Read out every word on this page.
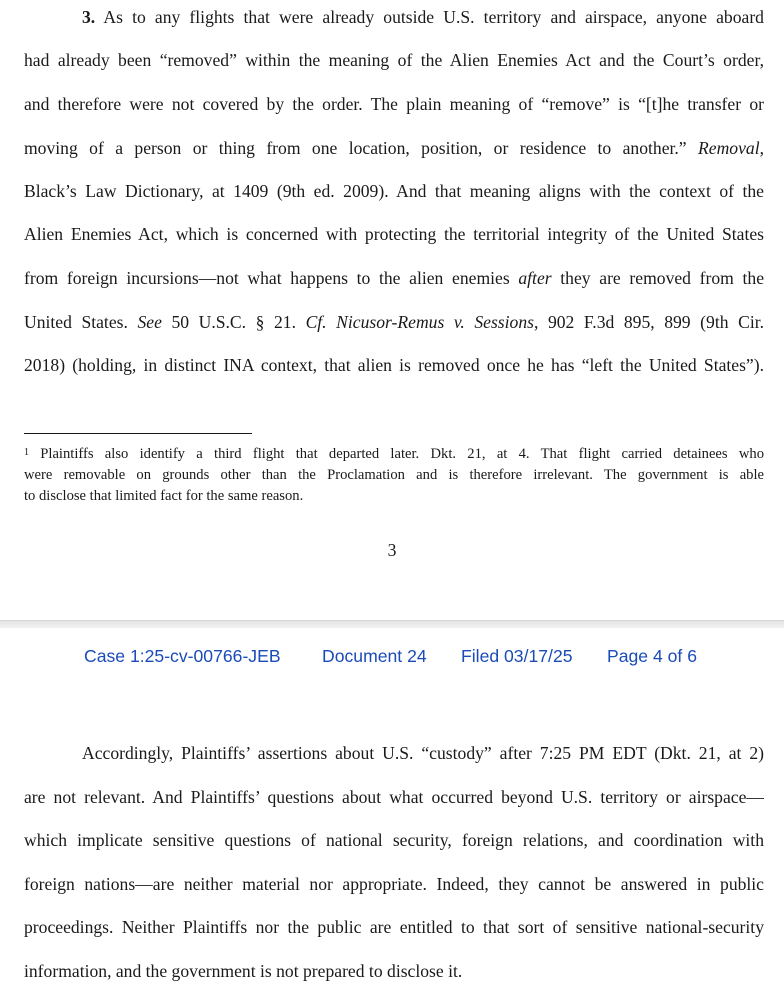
3. As to any flights that were already outside U.S. territory and airspace, anyone aboard
had already been “removed” within the meaning of the Alien Enemies Act and the Court’s order,
and therefore were not covered by the order. The plain meaning of “remove” is “[t]he transfer or
moving of a person or thing from one location, position, or residence to another.” Removal,
Black’s Law Dictionary, at 1409 (9th ed. 2009). And that meaning aligns with the context of the
Alien Enemies Act, which is concerned with protecting the territorial integrity of the United States
from foreign incursions—not what happens to the alien enemies after they are removed from the
United States. See 50 U.S.C. § 21. Cf. Nicusor-Remus v. Sessions, 902 F.3d 895, 899 (9th Cir.
2018) (holding, in distinct INA context, that alien is removed once he has “left the United States”).
$^1$ Plaintiffs also identify a third flight that departed later. Dkt. 21, at 4. That flight carried detainees who
were removable on grounds other than the Proclamation and is therefore irrelevant. The government is able
to disclose that limited fact for the same reason.
3
Case 1:25-cv-00766-JEB Document 24 Filed 03/17/25 Page 4 of 6
Accordingly, Plaintiffs’ assertions about U.S. “custody” after 7:25 PM EDT (Dkt. 21, at 2)
are not relevant. And Plaintiffs’ questions about what occurred beyond U.S. territory or airspace—
which implicate sensitive questions of national security, foreign relations, and coordination with
foreign nations—are neither material nor appropriate. Indeed, they cannot be answered in public
proceedings. Neither Plaintiffs nor the public are entitled to that sort of sensitive national-security
information, and the government is not prepared to disclose it.
